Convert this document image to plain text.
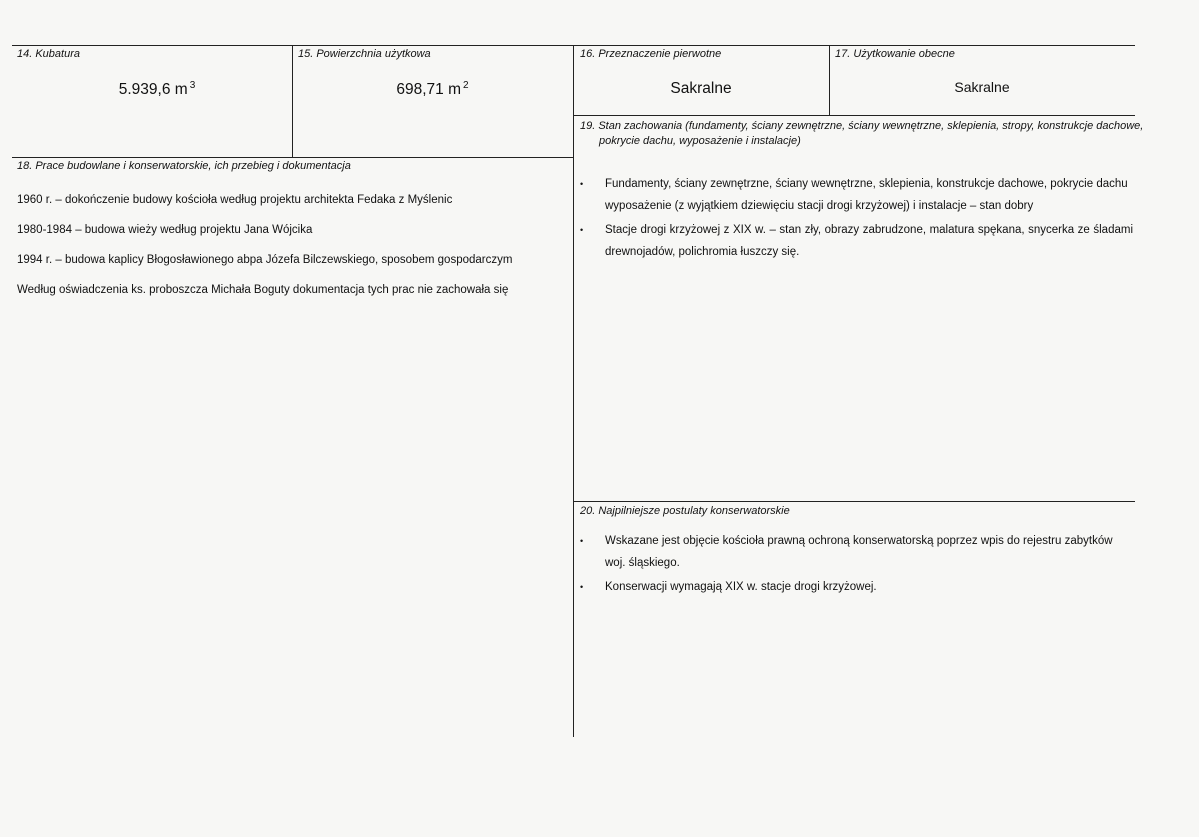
14. Kubatura
5.939,6 m $^3$
15. Powierzchnia użytkowa
698,71 m $^2$
16. Przeznaczenie pierwotne
Sakralne
17. Użytkowanie obecne
Sakralne
18. Prace budowlane i konserwatorskie, ich przebieg i dokumentacja
1960 r. – dokończenie budowy kościoła według projektu architekta Fedaka z Myślenic
1980-1984 – budowa wieży według projektu Jana Wójcika
1994 r. – budowa kaplicy Błogosławionego abpa Józefa Bilczewskiego, sposobem gospodarczym
Według oświadczenia ks. proboszcza Michała Boguty dokumentacja tych prac nie zachowała się
19. Stan zachowania (fundamenty, ściany zewnętrzne, ściany wewnętrzne, sklepienia, stropy, konstrukcje dachowe,
pokrycie dachu, wyposażenie i instalacje)
• Fundamenty, ściany zewnętrzne, ściany wewnętrzne, sklepienia, konstrukcje dachowe, pokrycie dachu wyposażenie (z wyjątkiem dziewięciu stacji drogi krzyżowej) i instalacje – stan dobry
• Stacje drogi krzyżowej z XIX w. – stan zły, obrazy zabrudzone, malatura spękana, snycerka ze śladami drewnojadów, polichromia łuszczy się.
20. Najpilniejsze postulaty konserwatorskie
• Wskazane jest objęcie kościoła prawną ochroną konserwatorską poprzez wpis do rejestru zabytków woj. śląskiego.
• Konserwacji wymagają XIX w. stacje drogi krzyżowej.
